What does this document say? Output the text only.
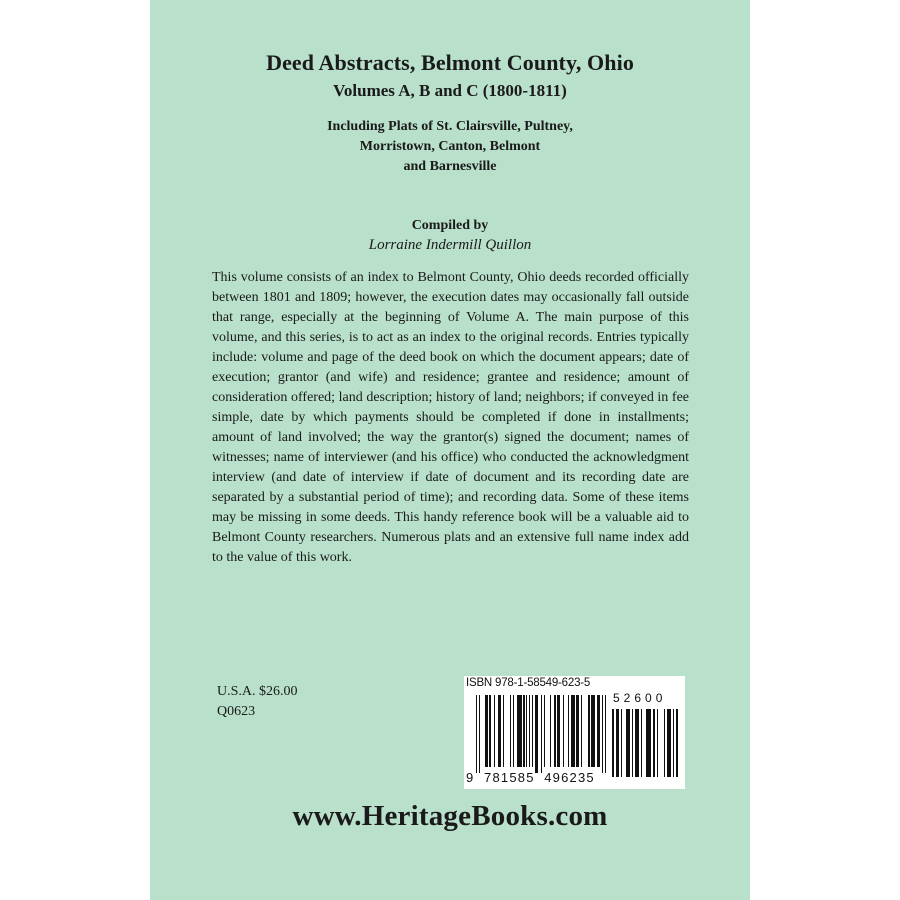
Deed Abstracts, Belmont County, Ohio
Volumes A, B and C (1800-1811)
Including Plats of St. Clairsville, Pultney,
Morristown, Canton, Belmont
and Barnesville
Compiled by
Lorraine Indermill Quillon
This volume consists of an index to Belmont County, Ohio deeds recorded officially between 1801 and 1809; however, the execution dates may occasionally fall outside that range, especially at the beginning of Volume A. The main purpose of this volume, and this series, is to act as an index to the original records. Entries typically include: volume and page of the deed book on which the document appears; date of execution; grantor (and wife) and residence; grantee and residence; amount of consideration offered; land description; history of land; neighbors; if conveyed in fee simple, date by which payments should be completed if done in installments; amount of land involved; the way the grantor(s) signed the document; names of witnesses; name of interviewer (and his office) who conducted the acknowledgment interview (and date of interview if date of document and its recording date are separated by a substantial period of time); and recording data. Some of these items may be missing in some deeds. This handy reference book will be a valuable aid to Belmont County researchers. Numerous plats and an extensive full name index add to the value of this work.
U.S.A. $26.00
Q0623
ISBN 978-1-58549-623-5
52600
9  781585  496235
www.HeritageBooks.com
